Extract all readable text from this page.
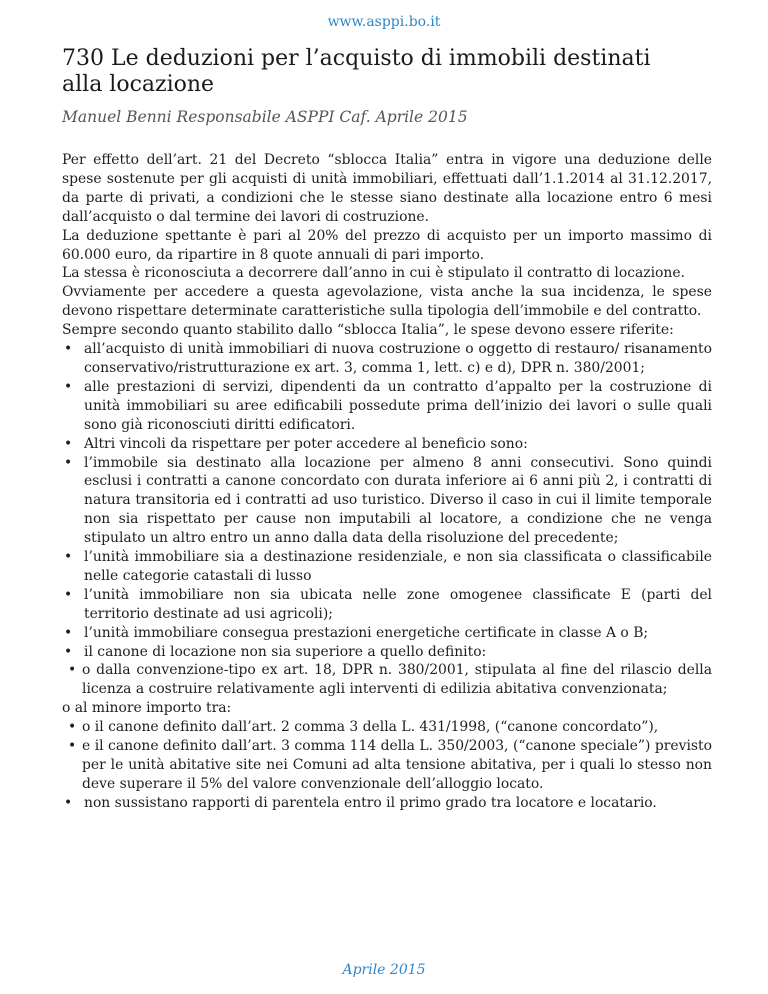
www.asppi.bo.it
730 Le deduzioni per l’acquisto di immobili destinati alla locazione

Manuel Benni Responsabile ASPPI Caf. Aprile 2015

Per effetto dell’art. 21 del Decreto “sblocca Italia” entra in vigore una deduzione delle spese sostenute per gli acquisti di unità immobiliari, effettuati dall’1.1.2014 al 31.12.2017, da parte di privati, a condizioni che le stesse siano destinate alla locazione entro 6 mesi dall’acquisto o dal termine dei lavori di costruzione.

La deduzione spettante è pari al 20% del prezzo di acquisto per un importo massimo di 60.000 euro, da ripartire in 8 quote annuali di pari importo.

La stessa è riconosciuta a decorrere dall’anno in cui è stipulato il contratto di locazione.

Ovviamente per accedere a questa agevolazione, vista anche la sua incidenza, le spese devono rispettare determinate caratteristiche sulla tipologia dell’immobile e del contratto.

Sempre secondo quanto stabilito dallo “sblocca Italia”, le spese devono essere riferite:

• all’acquisto di unità immobiliari di nuova costruzione o oggetto di restauro/ risanamento conservativo/ristrutturazione ex art. 3, comma 1, lett. c) e d), DPR n. 380/2001;
• alle prestazioni di servizi, dipendenti da un contratto d’appalto per la costruzione di unità immobiliari su aree edificabili possedute prima dell’inizio dei lavori o sulle quali sono già riconosciuti diritti edificatori.
• Altri vincoli da rispettare per poter accedere al beneficio sono:
• l’immobile sia destinato alla locazione per almeno 8 anni consecutivi. Sono quindi esclusi i contratti a canone concordato con durata inferiore ai 6 anni più 2, i contratti di natura transitoria ed i contratti ad uso turistico. Diverso il caso in cui il limite temporale non sia rispettato per cause non imputabili al locatore, a condizione che ne venga stipulato un altro entro un anno dalla data della risoluzione del precedente;
• l’unità immobiliare sia a destinazione residenziale, e non sia classificata o classificabile nelle categorie catastali di lusso
• l’unità immobiliare non sia ubicata nelle zone omogenee classificate E (parti del territorio destinate ad usi agricoli);
• l’unità immobiliare consegua prestazioni energetiche certificate in classe A o B;
• il canone di locazione non sia superiore a quello definito:
• o dalla convenzione-tipo ex art. 18, DPR n. 380/2001, stipulata al fine del rilascio della licenza a costruire relativamente agli interventi di edilizia abitativa convenzionata;

o al minore importo tra:

• o il canone definito dall’art. 2 comma 3 della L. 431/1998, (“canone concordato”),
• e il canone definito dall’art. 3 comma 114 della L. 350/2003, (“canone speciale”) previsto per le unità abitative site nei Comuni ad alta tensione abitativa, per i quali lo stesso non deve superare il 5% del valore convenzionale dell’alloggio locato.
• non sussistano rapporti di parentela entro il primo grado tra locatore e locatario.
Aprile 2015
